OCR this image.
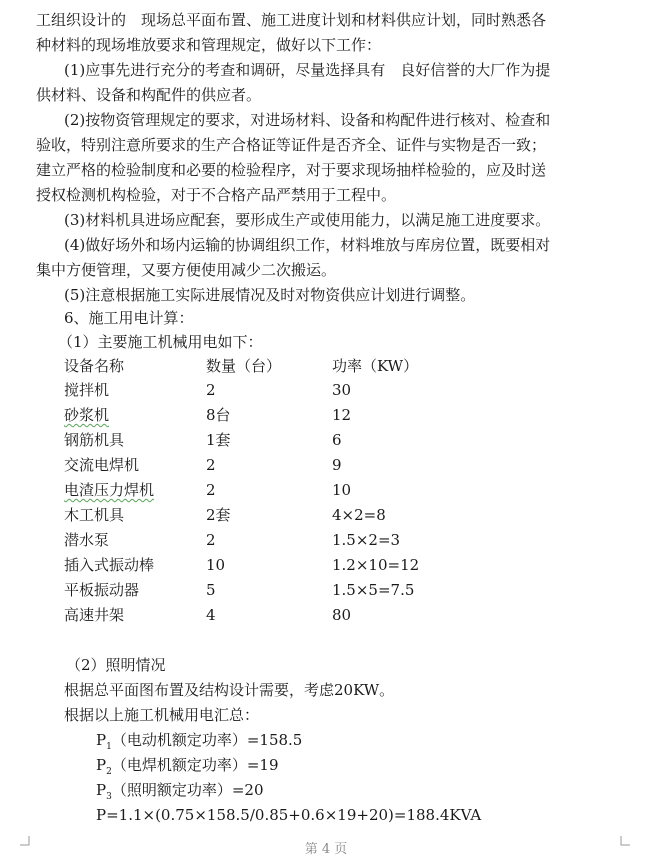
工组织设计的　现场总平面布置、施工进度计划和材料供应计划，同时熟悉各
种材料的现场堆放要求和管理规定，做好以下工作：
(1)应事先进行充分的考查和调研，尽量选择具有　良好信誉的大厂作为提
供材料、设备和构配件的供应者。
(2)按物资管理规定的要求，对进场材料、设备和构配件进行核对、检查和
验收，特别注意所要求的生产合格证等证件是否齐全、证件与实物是否一致；
建立严格的检验制度和必要的检验程序，对于要求现场抽样检验的，应及时送
授权检测机构检验，对于不合格产品严禁用于工程中。
(3)材料机具进场应配套，要形成生产或使用能力，以满足施工进度要求。
(4)做好场外和场内运输的协调组织工作，材料堆放与库房位置，既要相对
集中方便管理，又要方便使用减少二次搬运。
(5)注意根据施工实际进展情况及时对物资供应计划进行调整。
6、施工用电计算：
（1）主要施工机械用电如下：
设备名称	数量（台）	功率（KW）
搅拌机	2	30
砂浆机	8台	12
钢筋机具	1套	6
交流电焊机	2	9
电渣压力焊机	2	10
木工机具	2套	4×2=8
潜水泵	2	1.5×2=3
插入式振动棒	10	1.2×10=12
平板振动器	5	1.5×5=7.5
高速井架	4	80
（2）照明情况
根据总平面图布置及结构设计需要，考虑20KW。
根据以上施工机械用电汇总：
$P_1$（电动机额定功率）=158.5
$P_2$（电焊机额定功率）=19
$P_3$（照明额定功率）=20
P=1.1×(0.75×158.5/0.85+0.6×19+20)=188.4KVA
第 4 页
